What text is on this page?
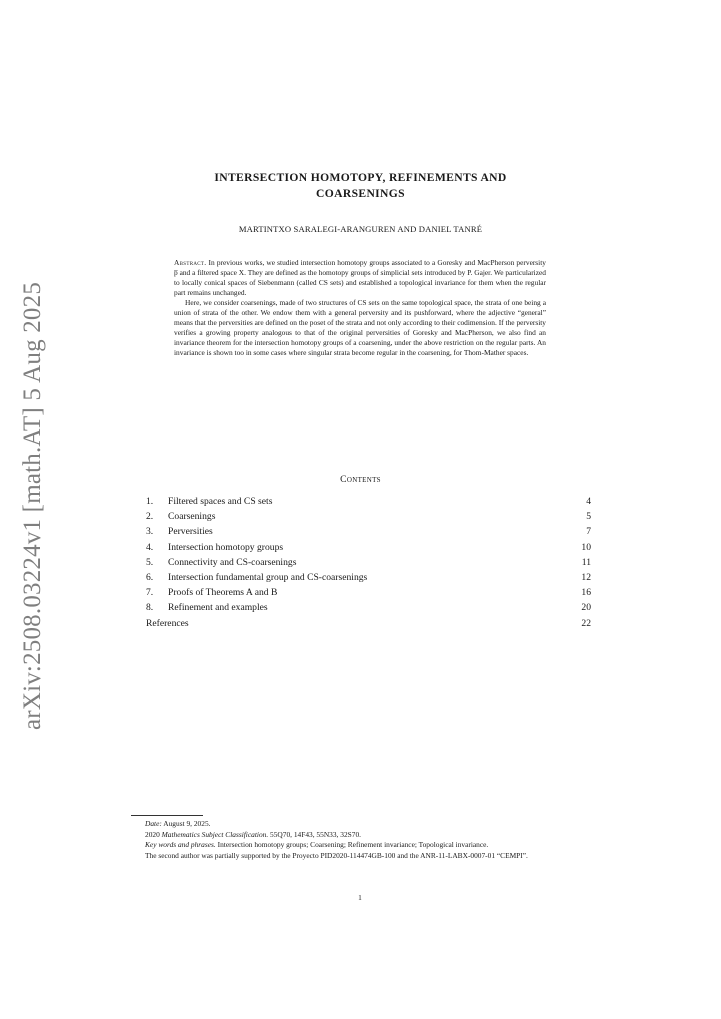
arXiv:2508.03224v1 [math.AT] 5 Aug 2025
INTERSECTION HOMOTOPY, REFINEMENTS AND
COARSENINGS
MARTINTXO SARALEGI-ARANGUREN AND DANIEL TANRÉ

Abstract. In previous works, we studied intersection homotopy groups associated to a Goresky and MacPherson perversity p̅ and a filtered space X. They are defined as the homotopy groups of simplicial sets introduced by P. Gajer. We particularized to locally conical spaces of Siebenmann (called CS sets) and established a topological invariance for them when the regular part remains unchanged.

Here, we consider coarsenings, made of two structures of CS sets on the same topological space, the strata of one being a union of strata of the other. We endow them with a general perversity and its pushforward, where the adjective “general” means that the perversities are defined on the poset of the strata and not only according to their codimension. If the perversity verifies a growing property analogous to that of the original perversities of Goresky and MacPherson, we also find an invariance theorem for the intersection homotopy groups of a coarsening, under the above restriction on the regular parts. An invariance is shown too in some cases where singular strata become regular in the coarsening, for Thom-Mather spaces.

Contents
1.	Filtered spaces and CS sets	4
2.	Coarsenings	5
3.	Perversities	7
4.	Intersection homotopy groups	10
5.	Connectivity and CS-coarsenings	11
6.	Intersection fundamental group and CS-coarsenings	12
7.	Proofs of Theorems A and B	16
8.	Refinement and examples	20
References	22

Date: August 9, 2025.

2020 Mathematics Subject Classification. 55Q70, 14F43, 55N33, 32S70.

Key words and phrases. Intersection homotopy groups; Coarsening; Refinement invariance; Topological invariance.

The second author was partially supported by the Proyecto PID2020-114474GB-100 and the ANR-11-LABX-0007-01 “CEMPI”.

1
